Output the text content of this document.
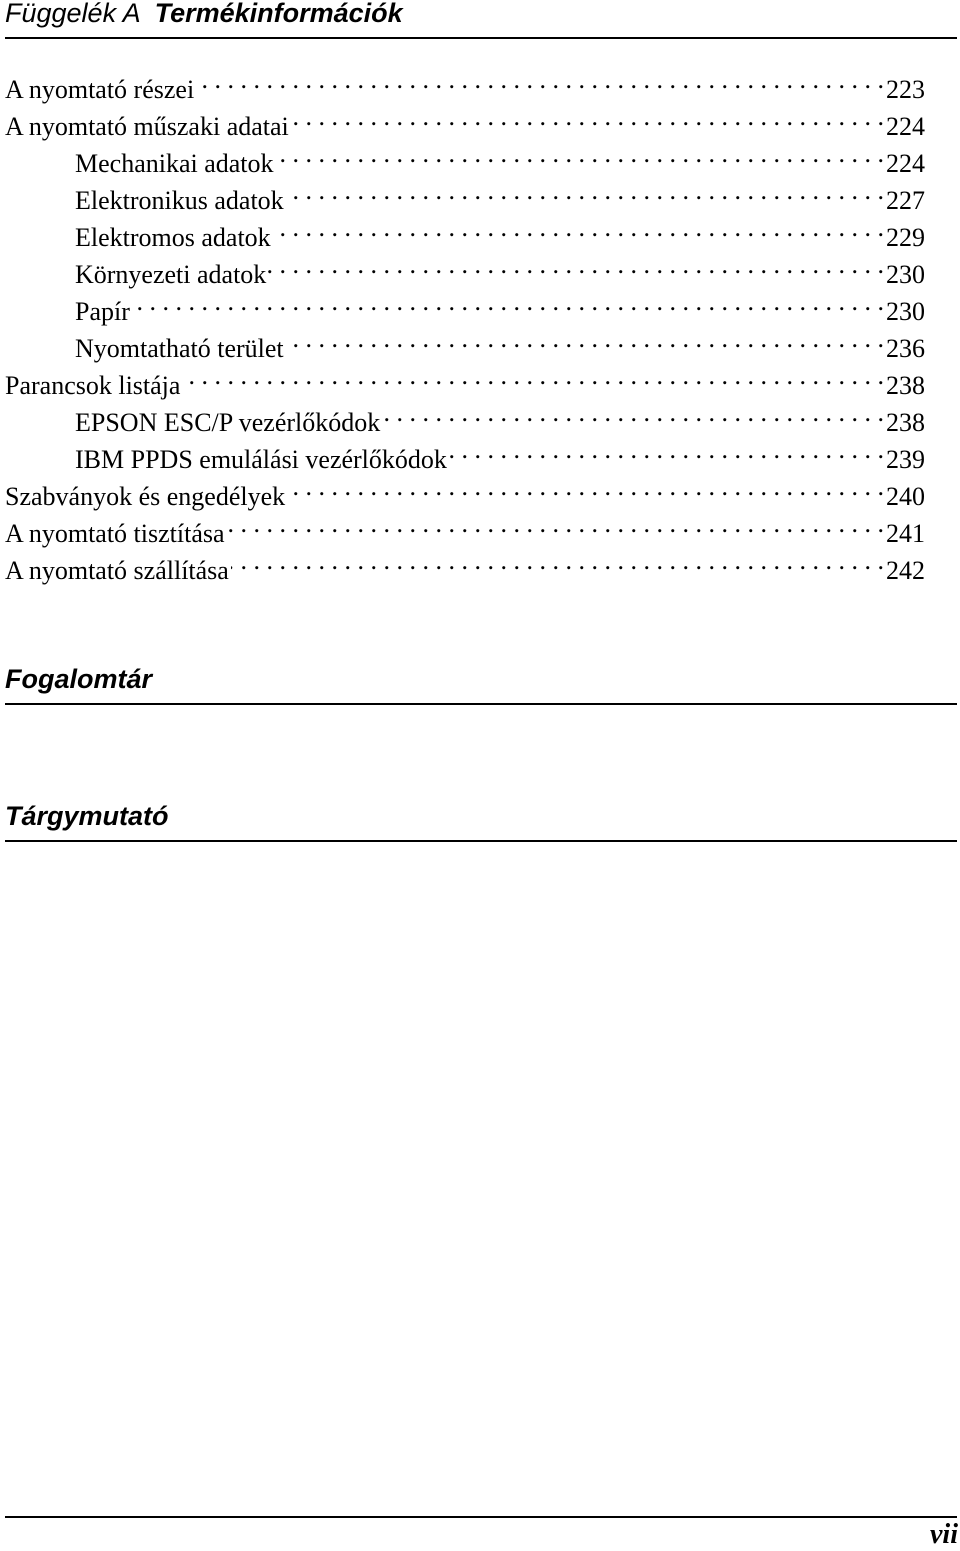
Függelék A Termékinformációk
A nyomtató részei . . .	223
A nyomtató műszaki adatai . . .	224
Mechanikai adatok . . .	224
Elektronikus adatok . . .	227
Elektromos adatok . . .	229
Környezeti adatok . . .	230
Papír . . .	230
Nyomtatható terület . . .	236
Parancsok listája . . .	238
EPSON ESC/P vezérlőkódok . . .	238
IBM PPDS emulálási vezérlőkódok . . .	239
Szabványok és engedélyek . . .	240
A nyomtató tisztítása . . .	241
A nyomtató szállítása . . .	242
Fogalomtár
Tárgymutató
vii
